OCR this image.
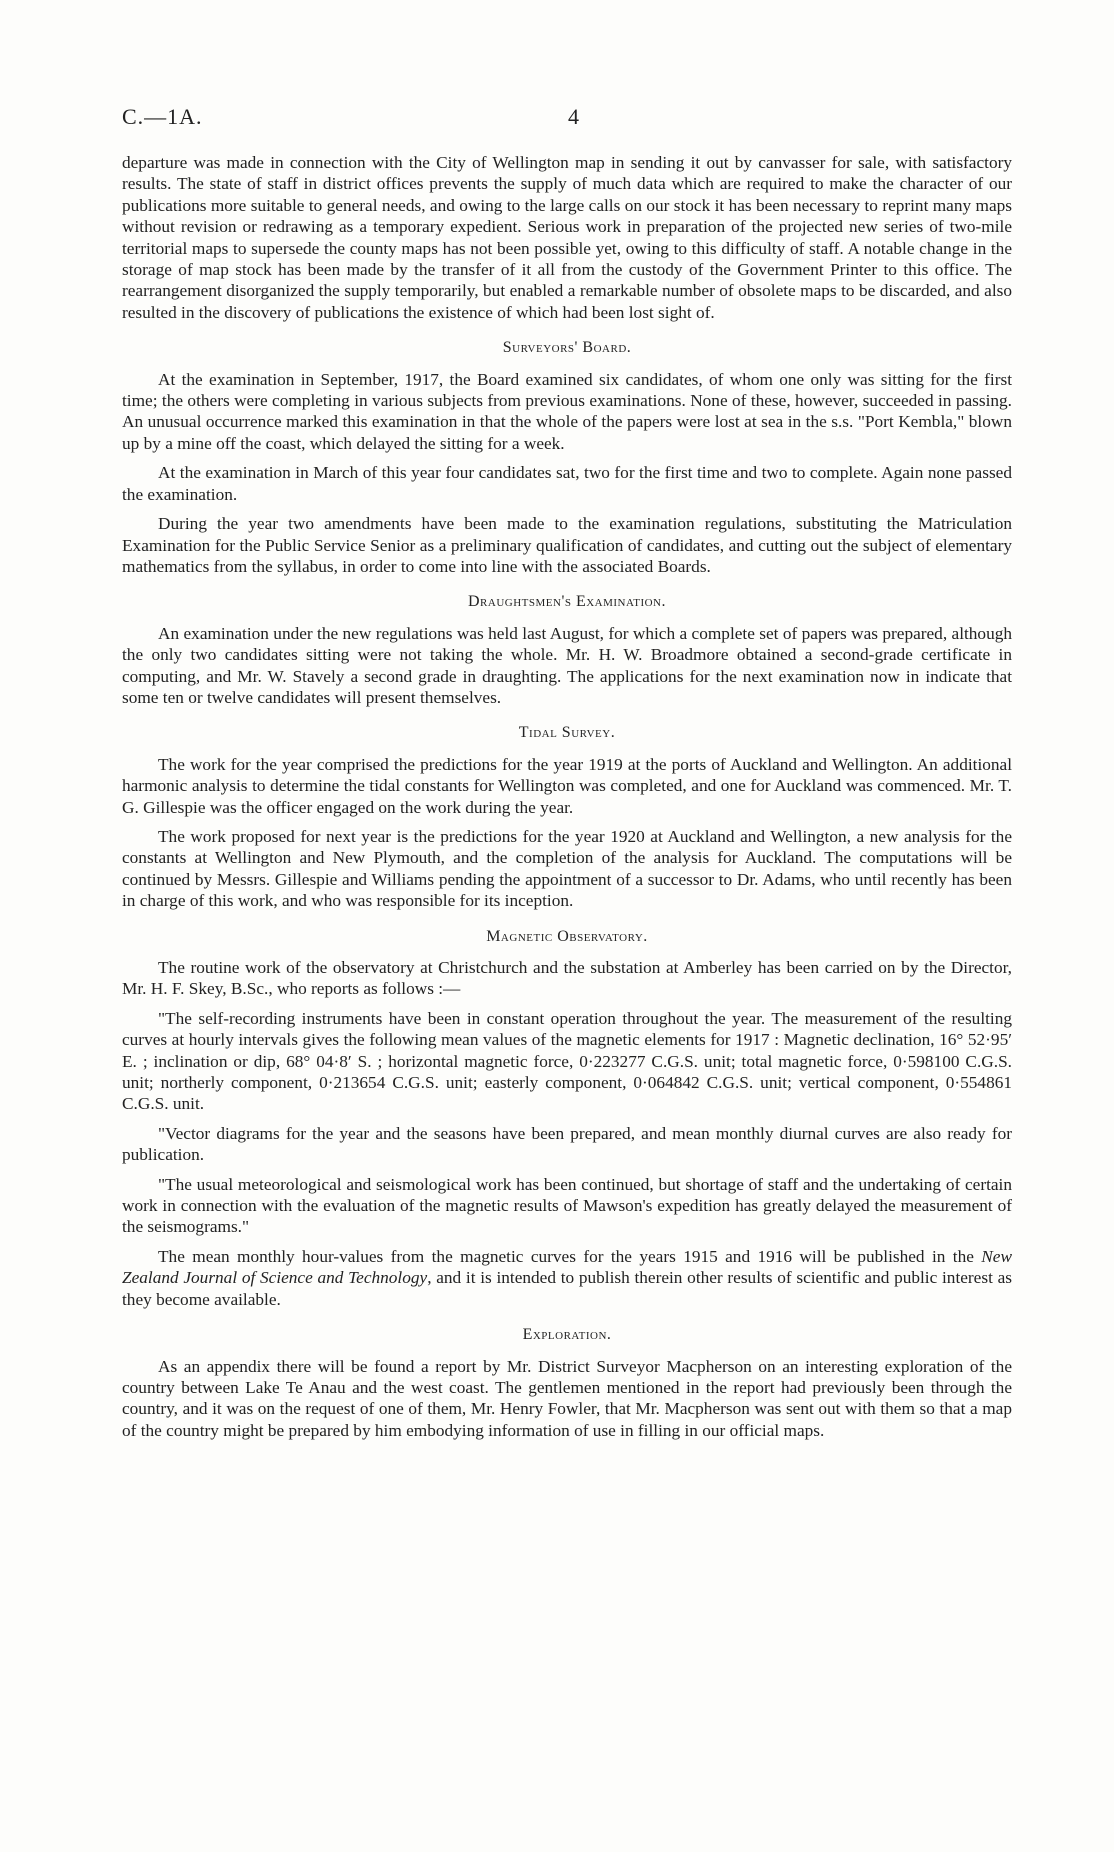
C.—1A.	4

departure was made in connection with the City of Wellington map in sending it out by canvasser for sale, with satisfactory results. The state of staff in district offices prevents the supply of much data which are required to make the character of our publications more suitable to general needs, and owing to the large calls on our stock it has been necessary to reprint many maps without revision or redrawing as a temporary expedient. Serious work in preparation of the projected new series of two-mile territorial maps to supersede the county maps has not been possible yet, owing to this difficulty of staff. A notable change in the storage of map stock has been made by the transfer of it all from the custody of the Government Printer to this office. The rearrangement disorganized the supply temporarily, but enabled a remarkable number of obsolete maps to be discarded, and also resulted in the discovery of publications the existence of which had been lost sight of.

Surveyors' Board.

At the examination in September, 1917, the Board examined six candidates, of whom one only was sitting for the first time; the others were completing in various subjects from previous examinations. None of these, however, succeeded in passing. An unusual occurrence marked this examination in that the whole of the papers were lost at sea in the s.s. "Port Kembla," blown up by a mine off the coast, which delayed the sitting for a week.

At the examination in March of this year four candidates sat, two for the first time and two to complete. Again none passed the examination.

During the year two amendments have been made to the examination regulations, substituting the Matriculation Examination for the Public Service Senior as a preliminary qualification of candidates, and cutting out the subject of elementary mathematics from the syllabus, in order to come into line with the associated Boards.

Draughtsmen's Examination.

An examination under the new regulations was held last August, for which a complete set of papers was prepared, although the only two candidates sitting were not taking the whole. Mr. H. W. Broadmore obtained a second-grade certificate in computing, and Mr. W. Stavely a second grade in draughting. The applications for the next examination now in indicate that some ten or twelve candidates will present themselves.

Tidal Survey.

The work for the year comprised the predictions for the year 1919 at the ports of Auckland and Wellington. An additional harmonic analysis to determine the tidal constants for Wellington was completed, and one for Auckland was commenced. Mr. T. G. Gillespie was the officer engaged on the work during the year.

The work proposed for next year is the predictions for the year 1920 at Auckland and Wellington, a new analysis for the constants at Wellington and New Plymouth, and the completion of the analysis for Auckland. The computations will be continued by Messrs. Gillespie and Williams pending the appointment of a successor to Dr. Adams, who until recently has been in charge of this work, and who was responsible for its inception.

Magnetic Observatory.

The routine work of the observatory at Christchurch and the substation at Amberley has been carried on by the Director, Mr. H. F. Skey, B.Sc., who reports as follows :—

"The self-recording instruments have been in constant operation throughout the year. The measurement of the resulting curves at hourly intervals gives the following mean values of the magnetic elements for 1917 : Magnetic declination, 16° 52·95′ E. ; inclination or dip, 68° 04·8′ S. ; horizontal magnetic force, 0·223277 C.G.S. unit; total magnetic force, 0·598100 C.G.S. unit; northerly component, 0·213654 C.G.S. unit; easterly component, 0·064842 C.G.S. unit; vertical component, 0·554861 C.G.S. unit.

"Vector diagrams for the year and the seasons have been prepared, and mean monthly diurnal curves are also ready for publication.

"The usual meteorological and seismological work has been continued, but shortage of staff and the undertaking of certain work in connection with the evaluation of the magnetic results of Mawson's expedition has greatly delayed the measurement of the seismograms."

The mean monthly hour-values from the magnetic curves for the years 1915 and 1916 will be published in the New Zealand Journal of Science and Technology, and it is intended to publish therein other results of scientific and public interest as they become available.

Exploration.

As an appendix there will be found a report by Mr. District Surveyor Macpherson on an interesting exploration of the country between Lake Te Anau and the west coast. The gentlemen mentioned in the report had previously been through the country, and it was on the request of one of them, Mr. Henry Fowler, that Mr. Macpherson was sent out with them so that a map of the country might be prepared by him embodying information of use in filling in our official maps.
